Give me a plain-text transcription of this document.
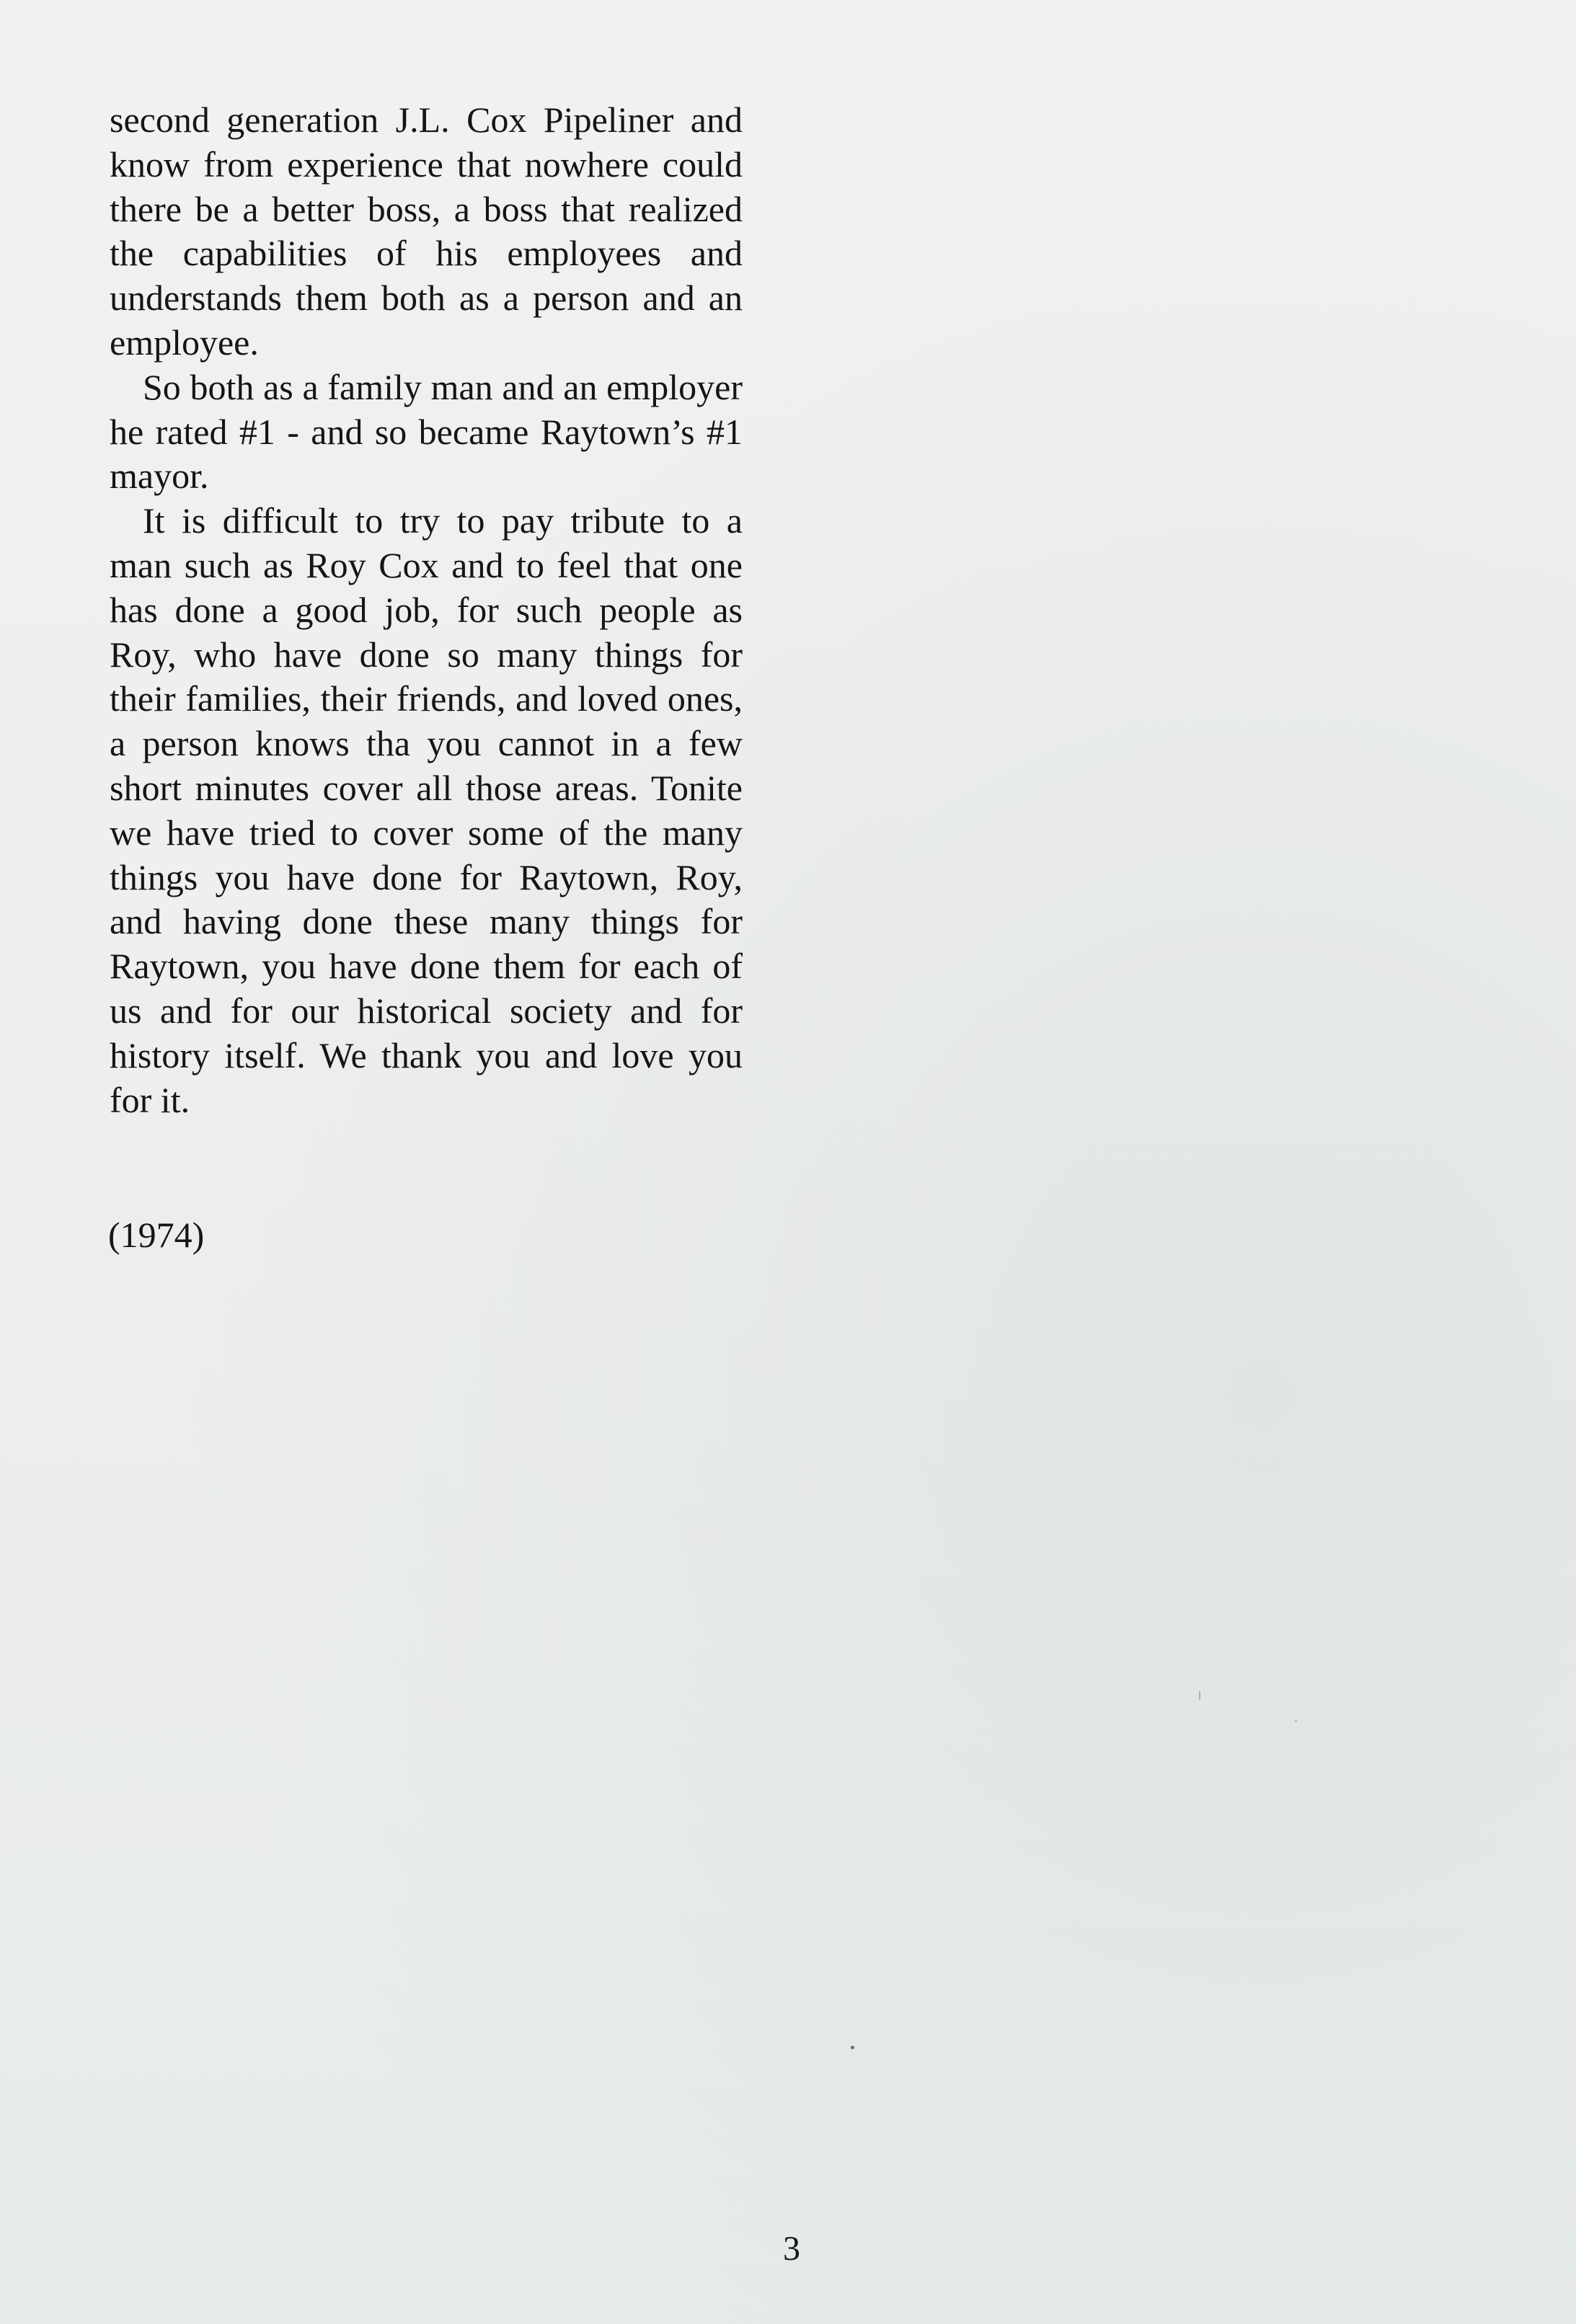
second generation J.L. Cox Pipeliner and know from experience that nowhere could there be a better boss, a boss that realized the capabilities of his employees and understands them both as a person and an employee.

So both as a family man and an employer he rated #1 - and so became Raytown’s #1 mayor.

It is difficult to try to pay tribute to a man such as Roy Cox and to feel that one has done a good job, for such people as Roy, who have done so many things for their families, their friends, and loved ones, a person knows tha you cannot in a few short minutes cover all those areas. Tonite we have tried to cover some of the many things you have done for Raytown, Roy, and having done these many things for Raytown, you have done them for each of us and for our historical society and for history itself. We thank you and love you for it.

(1974)

3
